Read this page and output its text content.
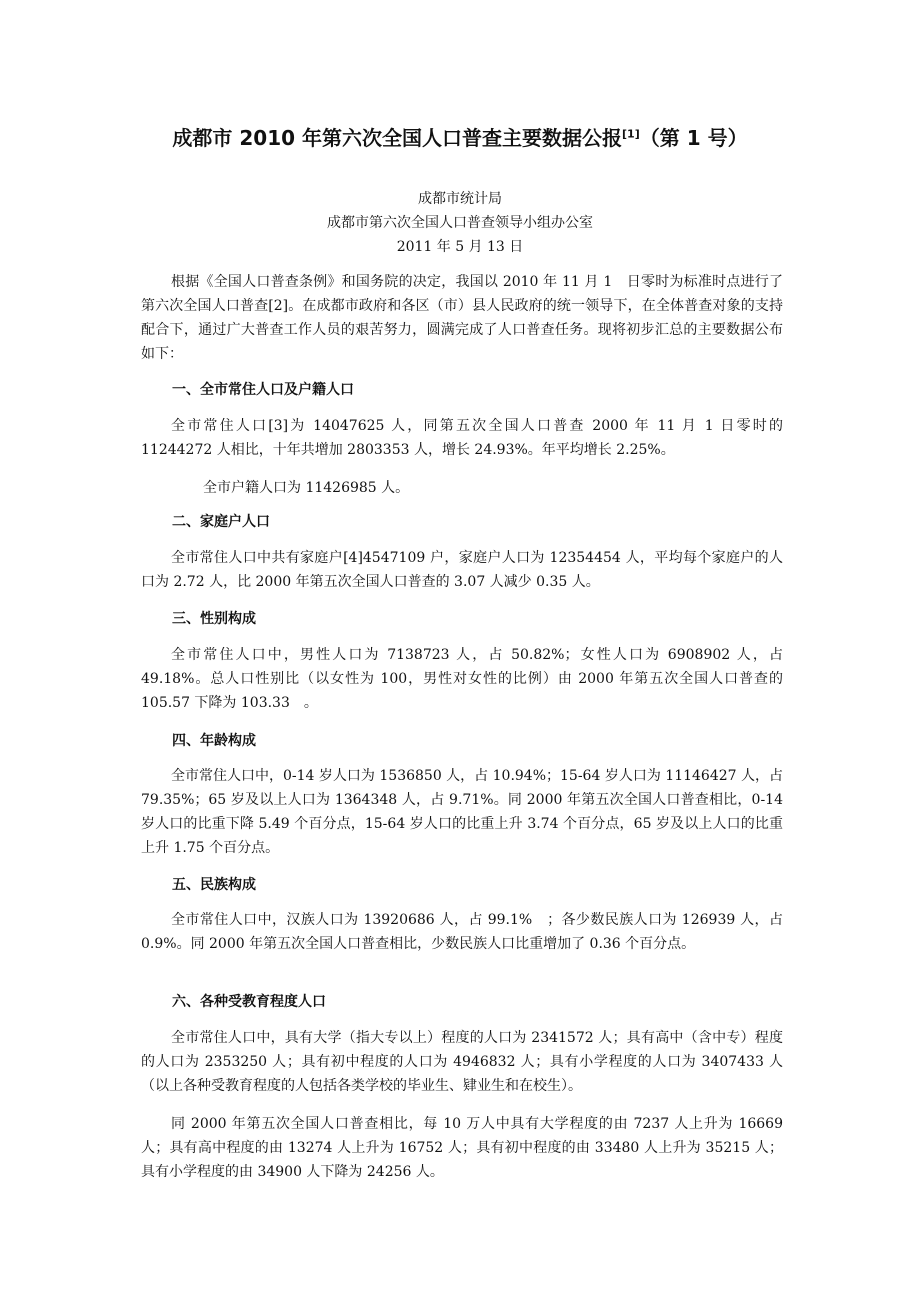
成都市 2010 年第六次全国人口普查主要数据公报[1]（第 1 号）
成都市统计局
成都市第六次全国人口普查领导小组办公室
2011 年 5 月 13 日
根据《全国人口普查条例》和国务院的决定，我国以 2010 年 11 月 1　日零时为标准时点进行了第六次全国人口普查[2]。在成都市政府和各区（市）县人民政府的统一领导下，在全体普查对象的支持配合下，通过广大普查工作人员的艰苦努力，圆满完成了人口普查任务。现将初步汇总的主要数据公布如下：
一、全市常住人口及户籍人口
全市常住人口[3]为 14047625 人，同第五次全国人口普查 2000 年 11 月 1 日零时的 11244272 人相比，十年共增加 2803353 人，增长 24.93%。年平均增长 2.25%。
全市户籍人口为 11426985 人。
二、家庭户人口
全市常住人口中共有家庭户[4]4547109 户，家庭户人口为 12354454 人，平均每个家庭户的人口为 2.72 人，比 2000 年第五次全国人口普查的 3.07 人减少 0.35 人。
三、性别构成
全市常住人口中，男性人口为 7138723 人，占 50.82%；女性人口为 6908902 人，占 49.18%。总人口性别比（以女性为 100，男性对女性的比例）由 2000 年第五次全国人口普查的 105.57 下降为 103.33　。
四、年龄构成
全市常住人口中，0-14 岁人口为 1536850 人，占 10.94%；15-64 岁人口为 11146427 人，占 79.35%；65 岁及以上人口为 1364348 人，占 9.71%。同 2000 年第五次全国人口普查相比，0-14 岁人口的比重下降 5.49 个百分点，15-64 岁人口的比重上升 3.74 个百分点，65 岁及以上人口的比重上升 1.75 个百分点。
五、民族构成
全市常住人口中，汉族人口为 13920686 人，占 99.1%　；各少数民族人口为 126939 人，占 0.9%。同 2000 年第五次全国人口普查相比，少数民族人口比重增加了 0.36 个百分点。
六、各种受教育程度人口
全市常住人口中，具有大学（指大专以上）程度的人口为 2341572 人；具有高中（含中专）程度的人口为 2353250 人；具有初中程度的人口为 4946832 人；具有小学程度的人口为 3407433 人（以上各种受教育程度的人包括各类学校的毕业生、肄业生和在校生）。
同 2000 年第五次全国人口普查相比，每 10 万人中具有大学程度的由 7237 人上升为 16669 人；具有高中程度的由 13274 人上升为 16752 人；具有初中程度的由 33480 人上升为 35215 人；具有小学程度的由 34900 人下降为 24256 人。
